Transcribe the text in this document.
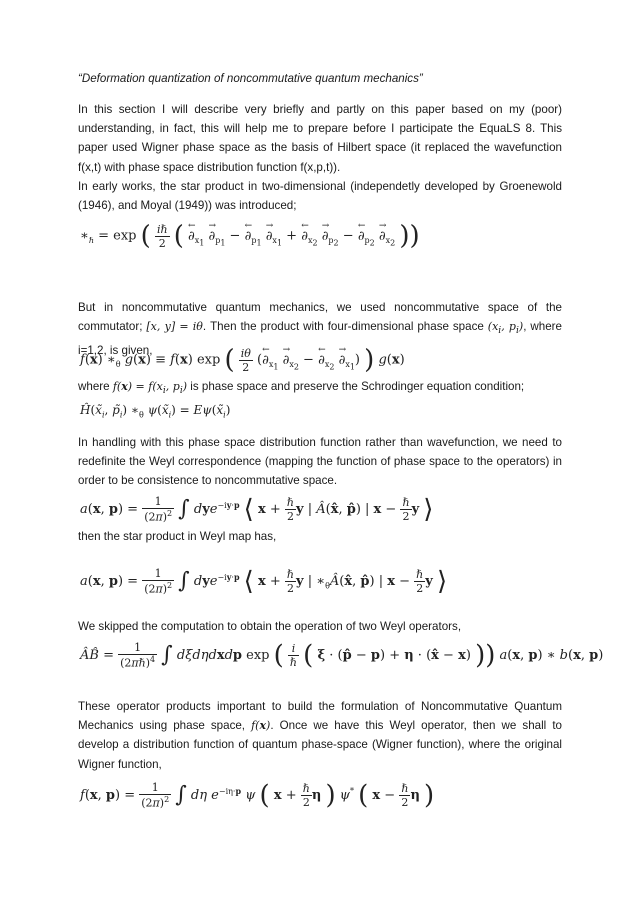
“Deformation quantization of noncommutative quantum mechanics”

In this section I will describe very briefly and partly on this paper based on my (poor) understanding, in fact, this will help me to prepare before I participate the EquaLS 8. This paper used Wigner phase space as the basis of Hilbert space (it replaced the wavefunction f(x,t) with phase space distribution function f(x,p,t)).

In early works, the star product in two-dimensional (independetly developed by Groenewold (1946), and Moyal (1949)) was introduced;

$∗_\hbar = \exp$ ( $\frac{\text{iℏ}}{2}$ ( ← $\partial_{x_1} \to \partial_{p_1}$ − ← $\partial_{p_1} \to \partial_{x_1}$ + ← $\partial_{x_2} \to \partial_{p_2}$ − ← $\partial_{p_2} \to \partial_{x_2}$ ))

But in noncommutative quantum mechanics, we used noncommutative space of the commutator; [x, y] = iθ. Then the product with four-dimensional phase space ($x_i$, $p_i$), where i=1,2, is given,

f(x) $∗_\theta$ g(x) ≡ f(x) exp ( $\frac{i\theta}{2}$ (← $\partial_{x_1} \to \partial_{x_2}$ − ← $\partial_{x_2} \to \partial_{x_1}$) ) g(x)

where $f(x) = f(x_i$, $p_i$) is phase space and preserve the Schrodinger equation condition;

$Ĥ(x̃_i$, $p̃_i$) $∗_\theta$ $\psi(x̃_i)$ = $E\psi(x̃_i)$

In handling with this phase space distribution function rather than wavefunction, we need to redefinite the Weyl correspondence (mapping the function of phase space to the operators) in order to be consistence to noncommutative space.

a(x, $p) = \frac{1}{(2\pi)^2}$ ∫ dye$^{-iy\cdot p}$ ⟨ $x + \frac{\text{ℏ}}{2}$ y | Â(x̂, p̂) | $x - \frac{\text{ℏ}}{2}$ y ⟩

then the star product in Weyl map has,

a(x, $p) = \frac{1}{(2\pi)^2}$ ∫ dye$^{-iy\cdot p}$ ⟨ $x + \frac{\text{ℏ}}{2}$ y | $∗_\theta Â(x̂$, p̂) | $x - \frac{\text{ℏ}}{2}$ y ⟩

We skipped the computation to obtain the operation of two Weyl operators,

ÂB̂ = $\frac{1}{(2\pi\hbar)^4}$ ∫ dξdηdxdp exp ( $\frac{i}{\text{ℏ}}$ ( ξ · (p̂ − p) + η · (x̂ − x) )) a(x, p) ∗ b(x, p)

These operator products important to build the formulation of Noncommutative Quantum Mechanics using phase space, f(x). Once we have this Weyl operator, then we shall to develop a distribution function of quantum phase-space (Wigner function), where the original Wigner function,

f(x, $p) = \frac{1}{(2\pi)^2}$ ∫ dη $e^{-i\eta\cdot p}$ ψ ( $x + \frac{\text{ℏ}}{2}$ η ) ψ* ( $x - \frac{\text{ℏ}}{2}$ η )
